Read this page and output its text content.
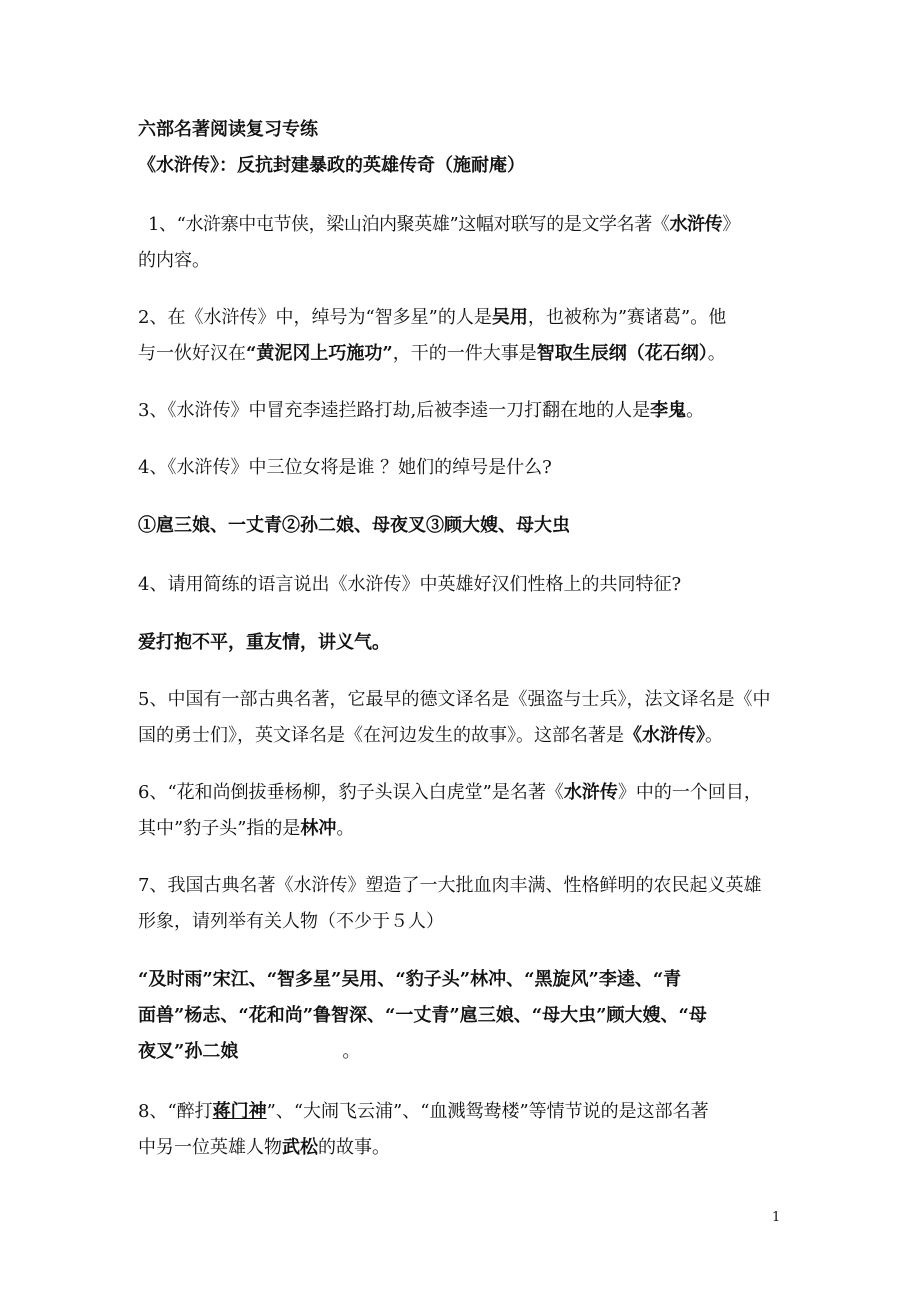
六部名著阅读复习专练
《水浒传》：反抗封建暴政的英雄传奇（施耐庵）
1、“水浒寨中屯节侠，梁山泊内聚英雄”这幅对联写的是文学名著《水浒传》
的内容。
2、在《水浒传》中，绰号为“智多星”的人是吴用，也被称为”赛诸葛”。他
与一伙好汉在“黄泥冈上巧施功”，干的一件大事是智取生辰纲（花石纲）。
3、《水浒传》中冒充李逵拦路打劫,后被李逵一刀打翻在地的人是李鬼。
4、《水浒传》中三位女将是谁 ？她们的绰号是什么?
①扈三娘、一丈青②孙二娘、母夜叉③顾大嫂、母大虫
4、请用简练的语言说出《水浒传》中英雄好汉们性格上的共同特征?
爱打抱不平，重友情，讲义气。
5、中国有一部古典名著，它最早的德文译名是《强盗与士兵》，法文译名是《中
国的勇士们》，英文译名是《在河边发生的故事》。这部名著是《水浒传》。
6、“花和尚倒拔垂杨柳，豹子头误入白虎堂”是名著《水浒传》中的一个回目，
其中”豹子头”指的是林冲。
7、我国古典名著《水浒传》塑造了一大批血肉丰满、性格鲜明的农民起义英雄
形象，请列举有关人物（不少于５人）
“及时雨”宋江、“智多星”吴用、“豹子头”林冲、“黑旋风”李逵、“青
面兽”杨志、“花和尚”鲁智深、“一丈青”扈三娘、“母大虫”顾大嫂、“母
夜叉”孙二娘	。
8、“醉打蒋门神”、“大闹飞云浦”、“血溅鸳鸯楼”等情节说的是这部名著
中另一位英雄人物武松的故事。
1
